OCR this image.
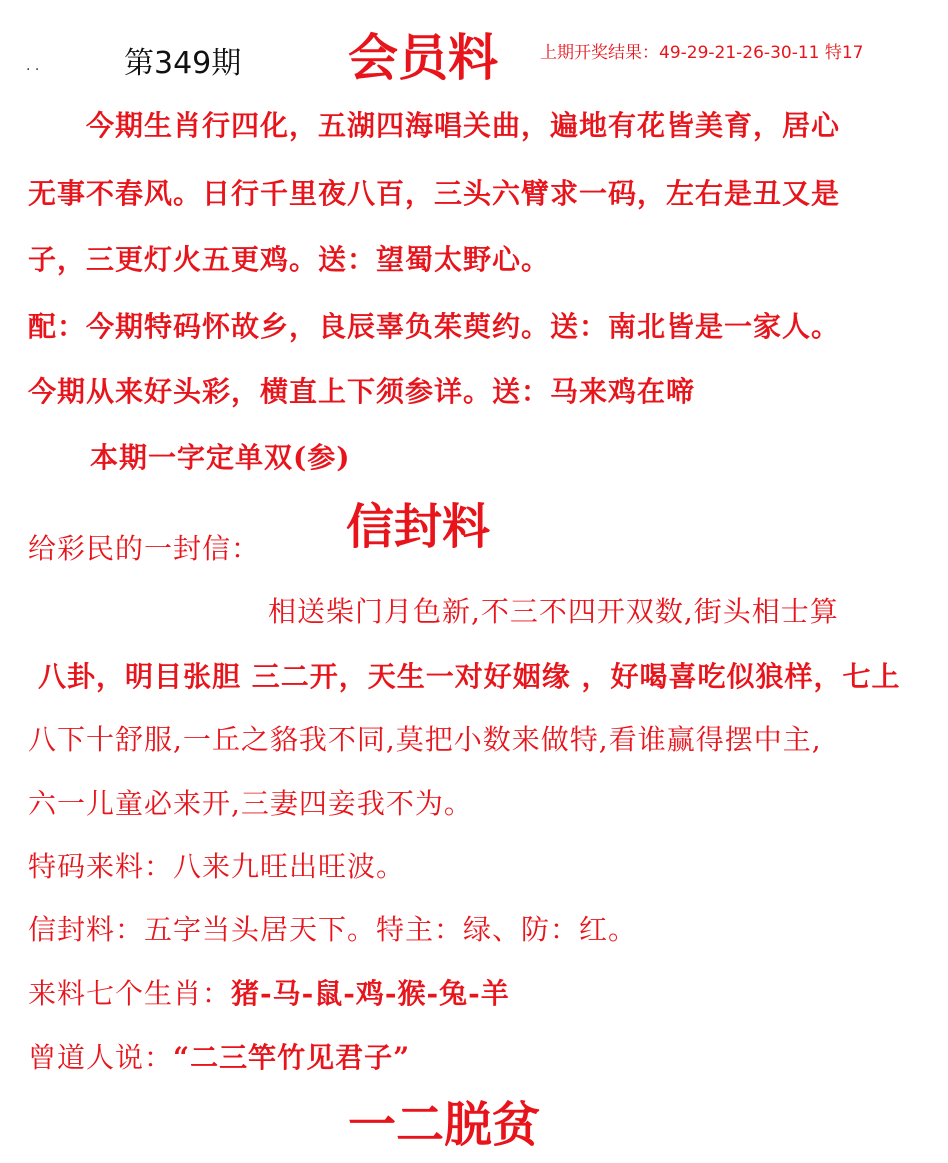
. .	第349期 会员料 上期开奖结果：49-29-21-26-30-11 特17
今期生肖行四化，五湖四海唱关曲，遍地有花皆美育，居心
无事不春风。日行千里夜八百，三头六臂求一码，左右是丑又是
子，三更灯火五更鸡。送：望蜀太野心。
配：今期特码怀故乡，良辰辜负茱萸约。送：南北皆是一家人。
今期从来好头彩，横直上下须参详。送：马来鸡在啼
本期一字定单双(参)
给彩民的一封信： 信封料
相送柴门月色新,不三不四开双数,街头相士算
八卦，明目张胆 三二开，天生一对好姻缘 ，好喝喜吃似狼样，七上
八下十舒服,一丘之貉我不同,莫把小数来做特,看谁赢得摆中主,
六一儿童必来开,三妻四妾我不为。
特码来料：八来九旺出旺波。
信封料：五字当头居天下。特主：绿、防：红。
来料七个生肖：猪-马-鼠-鸡-猴-兔-羊
曾道人说：“二三竿竹见君子”
一二脱贫
